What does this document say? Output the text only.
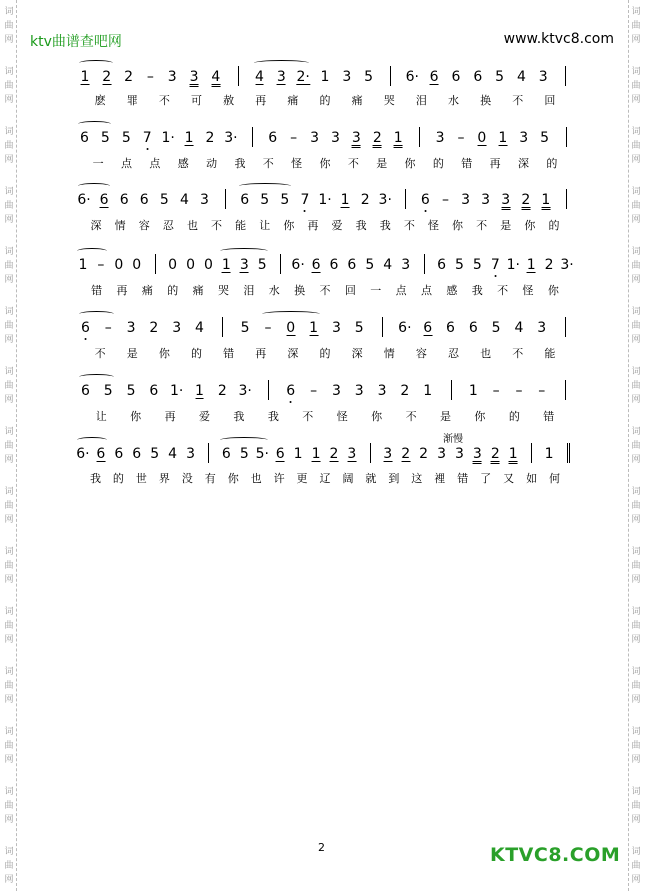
词
曲
网
词
曲
网
词
曲
网
词
曲
网
词
曲
网
词
曲
网
词
曲
网
词
曲
网
词
曲
网
词
曲
网
词
曲
网
词
曲
网
词
曲
网
词
曲
网
词
曲
网
词
曲
网
词
曲
网
词
曲
网
词
曲
网
词
曲
网
词
曲
网
词
曲
网
词
曲
网
词
曲
网
词
曲
网
词
曲
网
词
曲
网
词
曲
网
词
曲
网
词
曲
网
ktv曲谱查吧网	www.ktvc8.com
1 2 2 – 3 3 4 4 3 2· 1 3 5 6· 6 6 6 5 4 3
麽 罪 不 可 赦 再 痛 的 痛 哭 泪 水 换 不 回
6 5 5 7 1· 1 2 3· 6 – 3 3 3 2 1 3 – 0 1 3 5
一 点 点 感 动 我 不 怪 你 不 是 你 的 错 再 深 的
6· 6 6 6 5 4 3 6 5 5 7 1· 1 2 3· 6 – 3 3 3 2 1
深 情 容 忍 也 不 能 让 你 再 爱 我 我 不 怪 你 不 是 你 的
1 – 0 0 0 0 0 1 3 5 6· 6 6 6 5 4 3 6 5 5 7 1· 1 2 3·
错 再 痛 的 痛 哭 泪 水 换 不 回 一 点 点 感 我 不 怪 你
6 – 3 2 3 4	5 – 0 1 3 5 6· 6 6 6 5 4 3
不 是 你 的 错 再 深 的 深 情 容 忍 也 不 能
6 5 5 6 1· 1 2 3· 6 – 3 3 3 2 1	1 – – –
让 你 再 爱 我 我 不 怪 你 不 是 你 的 错
6· 6 6 6 5 4 3 6 5 5· 6 1 1 2 3 3 2 2 3 3 3 2 1 1
我 的 世 界 没 有 你 也 许 更 辽 阔 就 到 这 裡 错 了 又 如 何
渐慢
2	KTVC8.COM
